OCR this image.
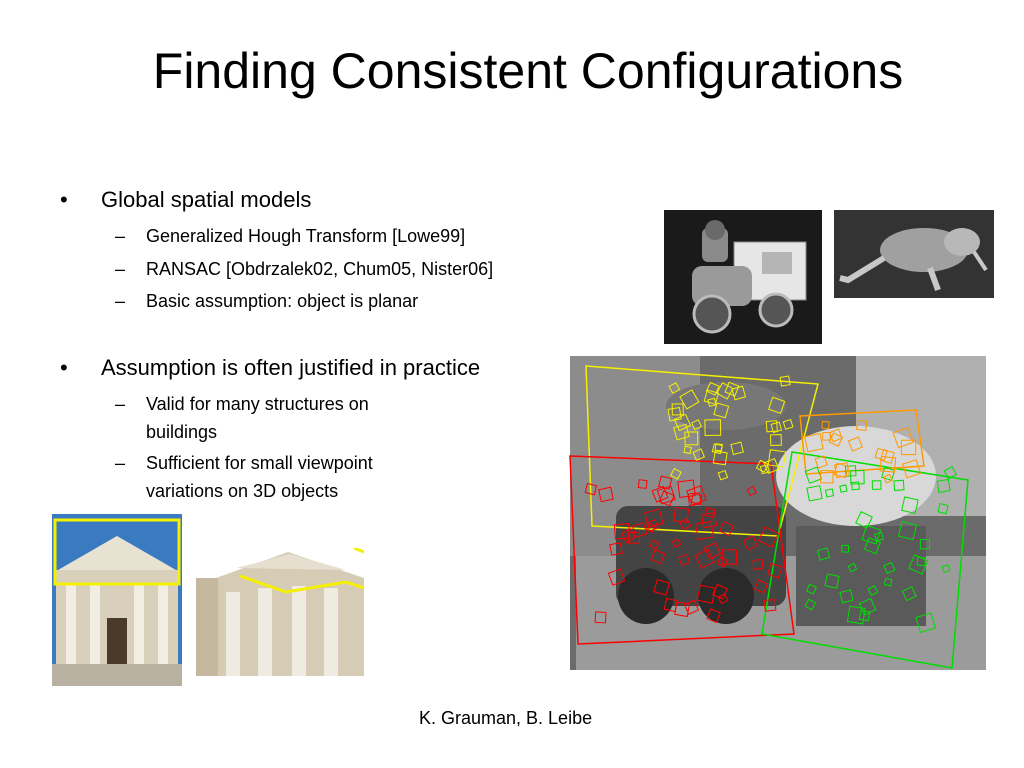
Finding Consistent Configurations
• Global spatial models
– Generalized Hough Transform [Lowe99]
– RANSAC [Obdrzalek02, Chum05, Nister06]
– Basic assumption: object is planar
• Assumption is often justified in practice
– Valid for many structures on buildings
– Sufficient for small viewpoint variations on 3D objects
K. Grauman, B. Leibe
